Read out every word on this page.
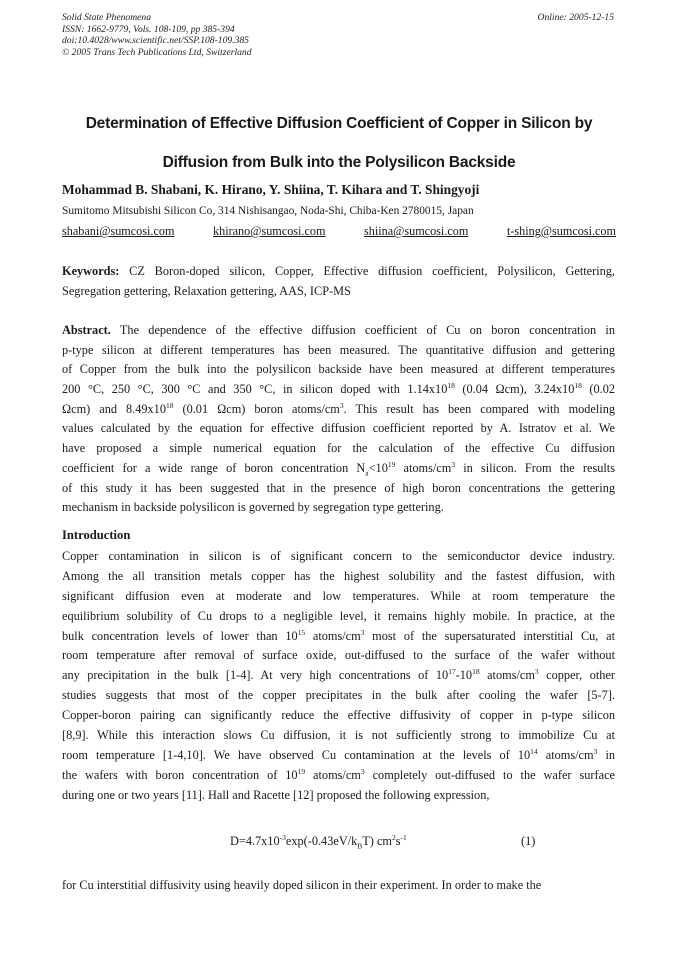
Solid State Phenomena
ISSN: 1662-9779, Vols. 108-109, pp 385-394
doi:10.4028/www.scientific.net/SSP.108-109.385
© 2005 Trans Tech Publications Ltd, Switzerland
Online: 2005-12-15
Determination of Effective Diffusion Coefficient of Copper in Silicon by
Diffusion from Bulk into the Polysilicon Backside
Mohammad B. Shabani, K. Hirano, Y. Shiina, T. Kihara and T. Shingyoji
Sumitomo Mitsubishi Silicon Co, 314 Nishisangao, Noda-Shi, Chiba-Ken 2780015, Japan
shabani@sumcosi.com	khirano@sumcosi.com	shiina@sumcosi.com	t-shing@sumcosi.com
Keywords: CZ Boron-doped silicon, Copper, Effective diffusion coefficient, Polysilicon, Gettering,
Segregation gettering, Relaxation gettering, AAS, ICP-MS
Abstract. The dependence of the effective diffusion coefficient of Cu on boron concentration in
p-type silicon at different temperatures has been measured. The quantitative diffusion and gettering
of Copper from the bulk into the polysilicon backside have been measured at different temperatures
200 °C, 250 °C, 300 °C and 350 °C, in silicon doped with $1.14x10^{18}$ (0.04 Ωcm), $3.24x10^{18}$ (0.02
Ωcm) and $8.49x10^{18}$ (0.01 Ωcm) boron atoms/$cm^3$. This result has been compared with modeling
values calculated by the equation for effective diffusion coefficient reported by A. Istratov et al. We
have proposed a simple numerical equation for the calculation of the effective Cu diffusion
coefficient for a wide range of boron concentration $N_a<10^{19}$ atoms/$cm^3$ in silicon. From the results
of this study it has been suggested that in the presence of high boron concentrations the gettering
mechanism in backside polysilicon is governed by segregation type gettering.
Introduction
Copper contamination in silicon is of significant concern to the semiconductor device industry.
Among the all transition metals copper has the highest solubility and the fastest diffusion, with
significant diffusion even at moderate and low temperatures. While at room temperature the
equilibrium solubility of Cu drops to a negligible level, it remains highly mobile. In practice, at the
bulk concentration levels of lower than $10^{15}$ atoms/$cm^3$ most of the supersaturated interstitial Cu, at
room temperature after removal of surface oxide, out-diffused to the surface of the wafer without
any precipitation in the bulk [1-4]. At very high concentrations of $10^{17}-10^{18}$ atoms/$cm^3$ copper, other
studies suggests that most of the copper precipitates in the bulk after cooling the wafer [5-7].
Copper-boron pairing can significantly reduce the effective diffusivity of copper in p-type silicon
[8,9]. While this interaction slows Cu diffusion, it is not sufficiently strong to immobilize Cu at
room temperature [1-4,10]. We have observed Cu contamination at the levels of $10^{14}$ atoms/$cm^3$ in
the wafers with boron concentration of $10^{19}$ atoms/$cm^3$ completely out-diffused to the wafer surface
during one or two years [11]. Hall and Racette [12] proposed the following expression,
$D=4.7x10^{-3}\exp(-0.43eV/k_BT)$ $cm^2s^{-1}$	(1)
for Cu interstitial diffusivity using heavily doped silicon in their experiment. In order to make the
